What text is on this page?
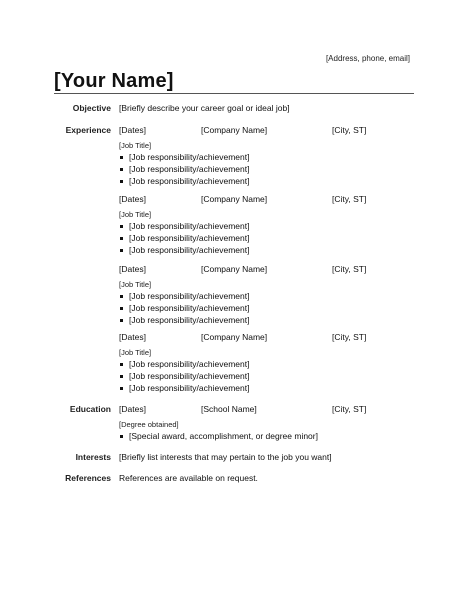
[Address, phone, email]
[Your Name]
Objective [Briefly describe your career goal or ideal job]
Experience [Dates]	[Company Name]	[City, ST]
[Job Title]
[Job responsibility/achievement]
[Job responsibility/achievement]
[Job responsibility/achievement]
[Dates]	[Company Name]	[City, ST]
[Job Title]
[Job responsibility/achievement]
[Job responsibility/achievement]
[Job responsibility/achievement]
[Dates]	[Company Name]	[City, ST]
[Job Title]
[Job responsibility/achievement]
[Job responsibility/achievement]
[Job responsibility/achievement]
[Dates]	[Company Name]	[City, ST]
[Job Title]
[Job responsibility/achievement]
[Job responsibility/achievement]
[Job responsibility/achievement]
Education [Dates]	[School Name]	[City, ST]
[Degree obtained]
[Special award, accomplishment, or degree minor]
Interests [Briefly list interests that may pertain to the job you want]
References References are available on request.
